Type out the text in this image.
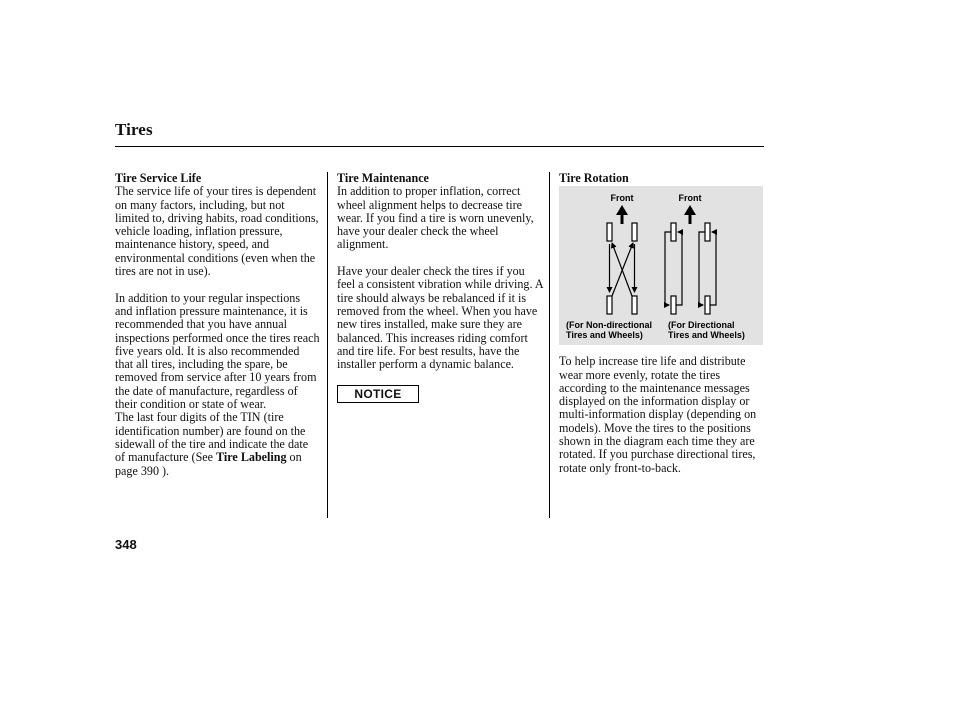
Tires
Tire Service Life

The service life of your tires is dependent on many factors, including, but not limited to, driving habits, road conditions, vehicle loading, inflation pressure, maintenance history, speed, and environmental conditions (even when the tires are not in use).

In addition to your regular inspections and inflation pressure maintenance, it is recommended that you have annual inspections performed once the tires reach five years old. It is also recommended that all tires, including the spare, be removed from service after 10 years from the date of manufacture, regardless of their condition or state of wear.

The last four digits of the TIN (tire identification number) are found on the sidewall of the tire and indicate the date of manufacture (See Tire Labeling on page 390 ).

Tire Maintenance

In addition to proper inflation, correct wheel alignment helps to decrease tire wear. If you find a tire is worn unevenly, have your dealer check the wheel alignment.

Have your dealer check the tires if you feel a consistent vibration while driving. A tire should always be rebalanced if it is removed from the wheel. When you have new tires installed, make sure they are balanced. This increases riding comfort and tire life. For best results, have the installer perform a dynamic balance.

NOTICE
Tire Rotation
Front	Front
(For Non-directional
Tires and Wheels)
(For Directional
Tires and Wheels)

To help increase tire life and distribute wear more evenly, rotate the tires according to the maintenance messages displayed on the information display or multi-information display (depending on models). Move the tires to the positions shown in the diagram each time they are rotated. If you purchase directional tires, rotate only front-to-back.

348
